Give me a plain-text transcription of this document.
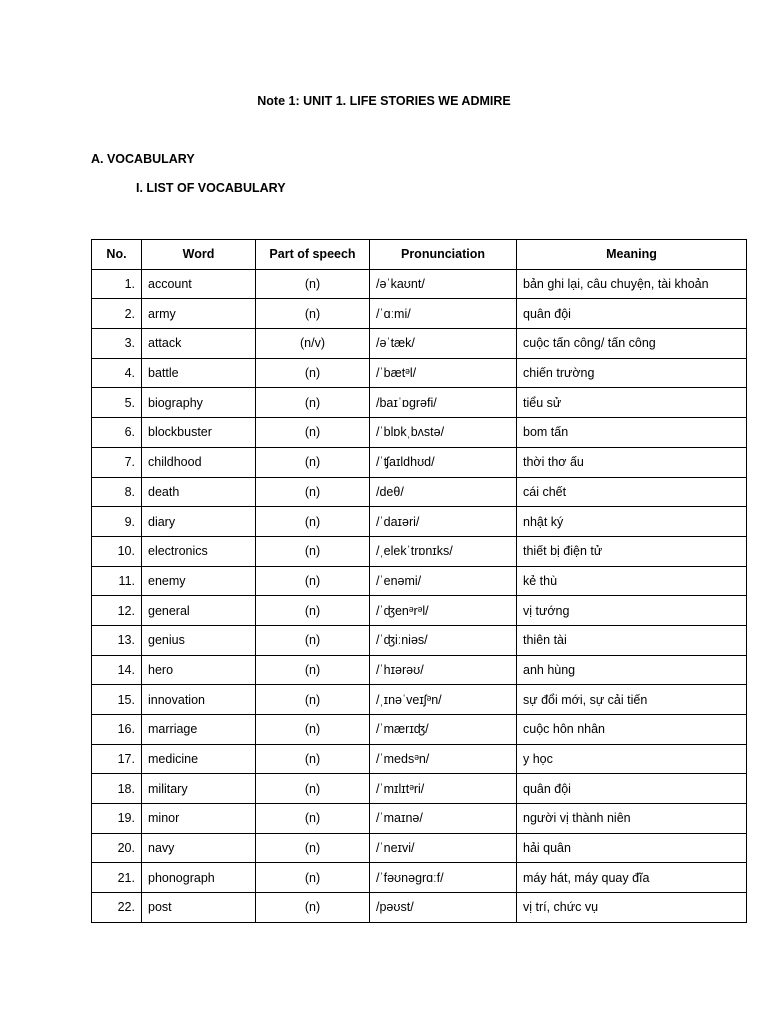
Note 1: UNIT 1. LIFE STORIES WE ADMIRE
A. VOCABULARY
I. LIST OF VOCABULARY
No.	Word	Part of speech	Pronunciation	Meaning
1.	account	(n)	/əˈkaʊnt/	bản ghi lại, câu chuyện, tài khoản
2.	army	(n)	/ˈɑːmi/	quân đội
3.	attack	(n/v)	/əˈtæk/	cuộc tấn công/ tấn công
4.	battle	(n)	/ˈbætᵊl/	chiến trường
5.	biography	(n)	/baɪˈɒɡrəfi/	tiểu sử
6.	blockbuster	(n)	/ˈblɒkˌbʌstə/	bom tấn
7.	childhood	(n)	/ˈʧaɪldhʊd/	thời thơ ấu
8.	death	(n)	/deθ/	cái chết
9.	diary	(n)	/ˈdaɪəri/	nhật ký
10.	electronics	(n)	/ˌelekˈtrɒnɪks/	thiết bị điện tử
11.	enemy	(n)	/ˈenəmi/	kẻ thù
12.	general	(n)	/ˈʤenᵊrᵊl/	vị tướng
13.	genius	(n)	/ˈʤiːniəs/	thiên tài
14.	hero	(n)	/ˈhɪərəʊ/	anh hùng
15.	innovation	(n)	/ˌɪnəˈveɪʃᵊn/	sự đổi mới, sự cải tiến
16.	marriage	(n)	/ˈmærɪʤ/	cuộc hôn nhân
17.	medicine	(n)	/ˈmedsᵊn/	y học
18.	military	(n)	/ˈmɪlɪtᵊri/	quân đội
19.	minor	(n)	/ˈmaɪnə/	người vị thành niên
20.	navy	(n)	/ˈneɪvi/	hải quân
21.	phonograph	(n)	/ˈfəʊnəɡrɑːf/	máy hát, máy quay đĩa
22.	post	(n)	/pəʊst/	vị trí, chức vụ
